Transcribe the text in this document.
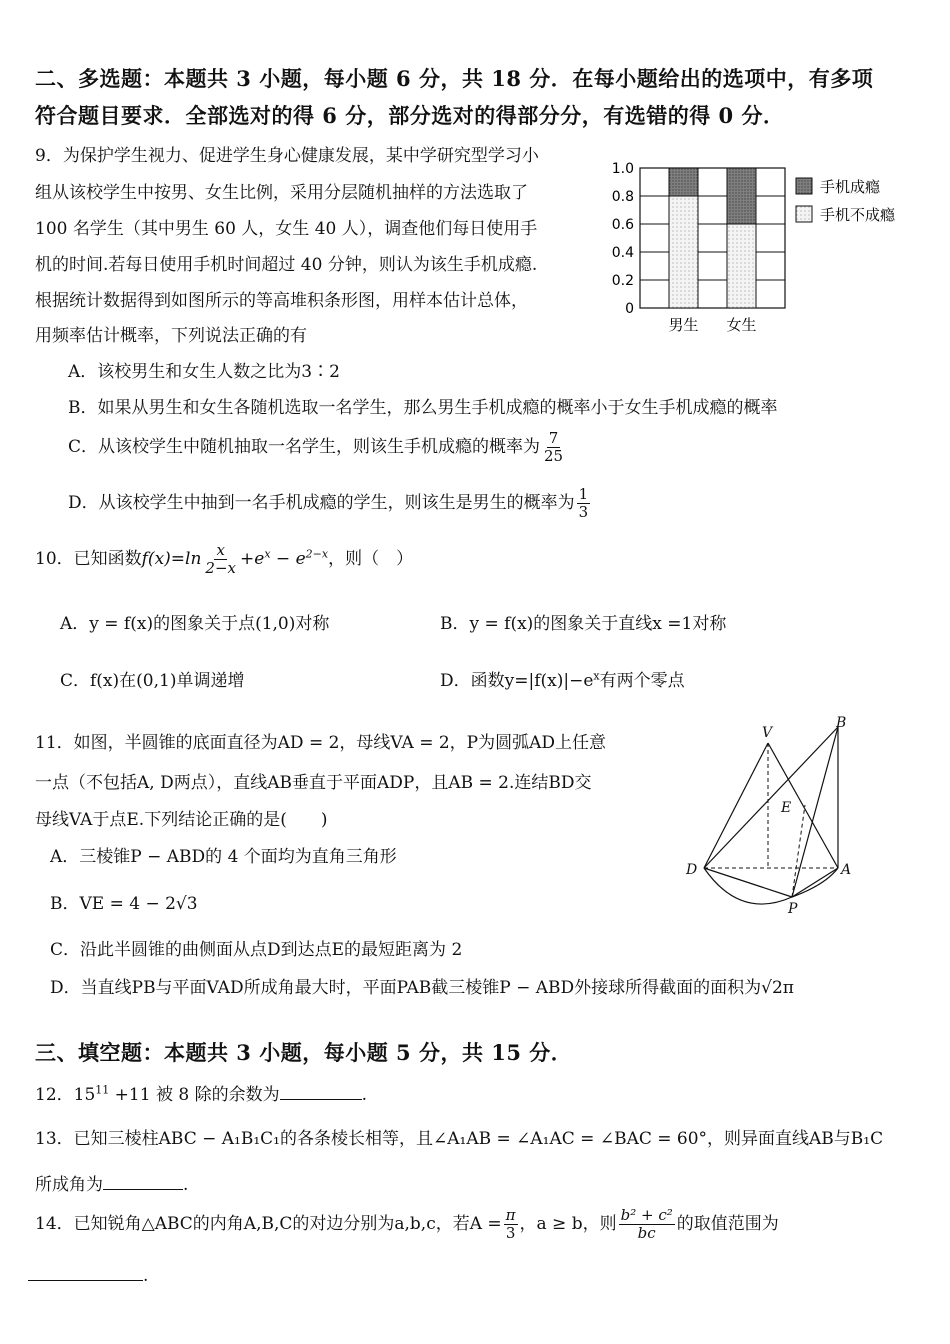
二、多选题：本题共 3 小题，每小题 6 分，共 18 分．在每小题给出的选项中，有多项
符合题目要求．全部选对的得 6 分，部分选对的得部分分，有选错的得 0 分．
9．为保护学生视力、促进学生身心健康发展，某中学研究型学习小
组从该校学生中按男、女生比例，采用分层随机抽样的方法选取了
100 名学生（其中男生 60 人，女生 40 人），调查他们每日使用手
机的时间.若每日使用手机时间超过 40 分钟，则认为该生手机成瘾.
根据统计数据得到如图所示的等高堆积条形图，用样本估计总体，
用频率估计概率，下列说法正确的有
0
0.2
0.4
0.6
0.8
1.0
男生 女生
手机成瘾
手机不成瘾
A．该校男生和女生人数之比为3∶2
B．如果从男生和女生各随机选取一名学生，那么男生手机成瘾的概率小于女生手机成瘾的概率
C．从该校学生中随机抽取一名学生，则该生手机成瘾的概率为 $\frac{7}{25}$
D．从该校学生中抽到一名手机成瘾的学生，则该生是男生的概率为 $\frac{1}{3}$
10．已知函数$f(x)=\ln \frac{x}{2-x} +e^x - e^{2-x}$，则（　）
A．y = f(x)的图象关于点(1,0)对称	B．y = f(x)的图象关于直线x =1对称
C．f(x)在(0,1)单调递增	D．函数$y=|f(x)|-e^x$有两个零点
11．如图，半圆锥的底面直径为AD = 2，母线VA = 2，P为圆弧AD上任意
一点（不包括A, D两点），直线AB垂直于平面ADP，且AB = 2.连结BD交
母线VA于点E.下列结论正确的是(　　)
A．三棱锥P − ABD的 4 个面均为直角三角形
B．VE = 4 − 2√3
C．沿此半圆锥的曲侧面从点D到达点E的最短距离为 2
D．当直线PB与平面VAD所成角最大时，平面PAB截三棱锥P − ABD外接球所得截面的面积为√2π
V
B
E
D	A
P
三、填空题：本题共 3 小题，每小题 5 分，共 15 分．
12．$15^{11} +11$ 被 8 除的余数为	.
13．已知三棱柱ABC − A₁B₁C₁的各条棱长相等，且∠A₁AB = ∠A₁AC = ∠BAC = 60°，则异面直线AB与B₁C
所成角为	.
14．已知锐角△ABC的内角A,B,C的对边分别为a,b,c，若$A = \frac{\pi}{3}$ ，a ≥ b，则 $\frac{\text{b² + c²}}{bc}$ 的取值范围为
.
